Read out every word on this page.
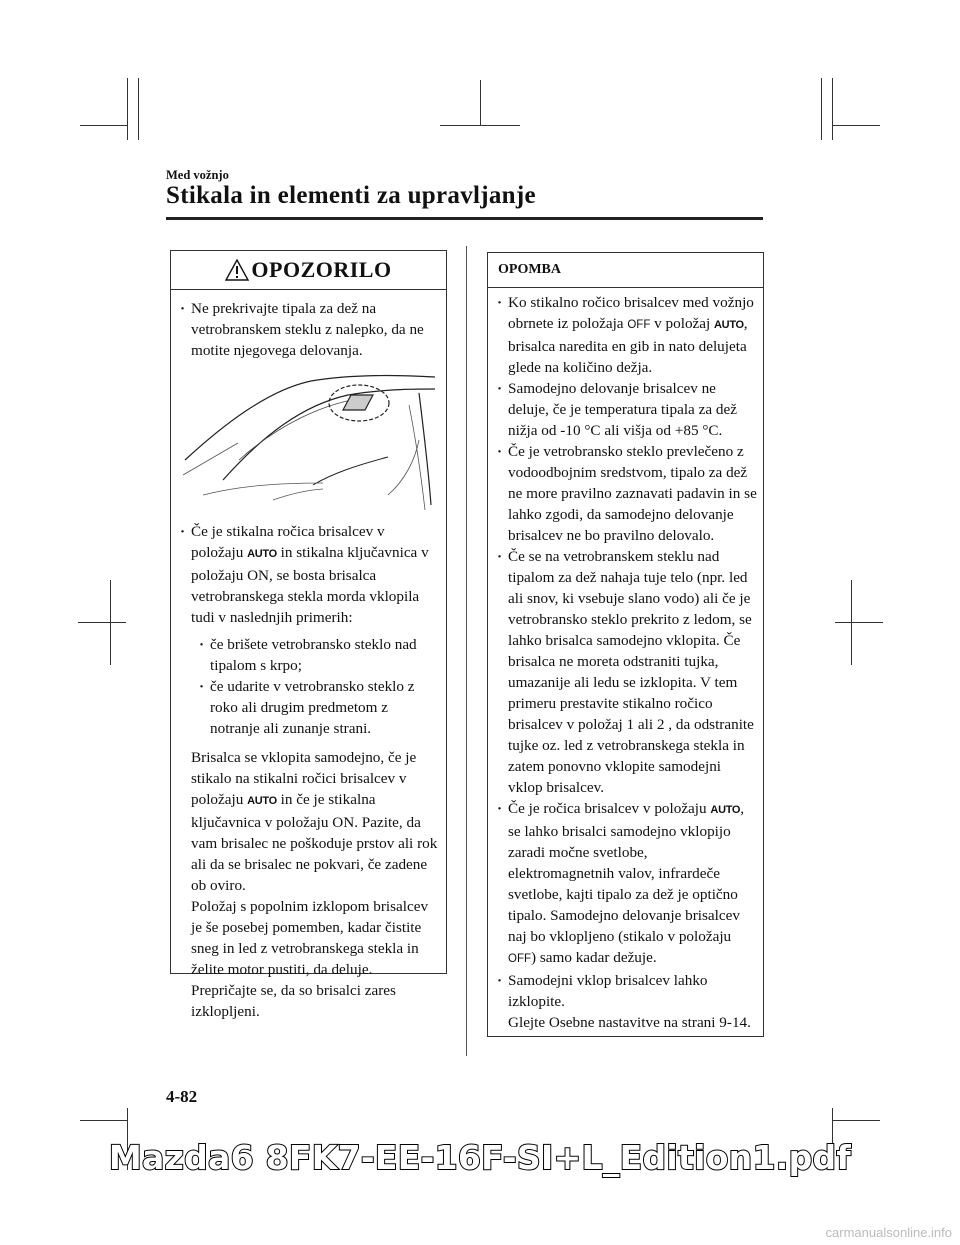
Med vožnjo
Stikala in elementi za upravljanje
OPOZORILO
· Ne prekrivajte tipala za dež na vetrobranskem steklu z nalepko, da ne motite njegovega delovanja.
· Če je stikalna ročica brisalcev v položaju AUTO in stikalna ključavnica v položaju ON, se bosta brisalca vetrobranskega stekla morda vklopila tudi v naslednjih primerih:
· če brišete vetrobransko steklo nad tipalom s krpo;
· če udarite v vetrobransko steklo z roko ali drugim predmetom z notranje ali zunanje strani.
Brisalca se vklopita samodejno, če je stikalo na stikalni ročici brisalcev v položaju AUTO in če je stikalna ključavnica v položaju ON. Pazite, da vam brisalec ne poškoduje prstov ali rok ali da se brisalec ne pokvari, če zadene ob oviro.
Položaj s popolnim izklopom brisalcev je še posebej pomemben, kadar čistite sneg in led z vetrobranskega stekla in želite motor pustiti, da deluje. Prepričajte se, da so brisalci zares izklopljeni.
OPOMBA
· Ko stikalno ročico brisalcev med vožnjo obrnete iz položaja OFF v položaj AUTO, brisalca naredita en gib in nato delujeta glede na količino dežja.
· Samodejno delovanje brisalcev ne deluje, če je temperatura tipala za dež nižja od -10 °C ali višja od +85 °C.
· Če je vetrobransko steklo prevlečeno z vodoodbojnim sredstvom, tipalo za dež ne more pravilno zaznavati padavin in se lahko zgodi, da samodejno delovanje brisalcev ne bo pravilno delovalo.
· Če se na vetrobranskem steklu nad tipalom za dež nahaja tuje telo (npr. led ali snov, ki vsebuje slano vodo) ali če je vetrobransko steklo prekrito z ledom, se lahko brisalca samodejno vklopita. Če brisalca ne moreta odstraniti tujka, umazanije ali ledu se izklopita. V tem primeru prestavite stikalno ročico brisalcev v položaj 1 ali 2 , da odstranite tujke oz. led z vetrobranskega stekla in zatem ponovno vklopite samodejni vklop brisalcev.
· Če je ročica brisalcev v položaju AUTO, se lahko brisalci samodejno vklopijo zaradi močne svetlobe, elektromagnetnih valov, infrardeče svetlobe, kajti tipalo za dež je optično tipalo. Samodejno delovanje brisalcev naj bo vklopljeno (stikalo v položaju OFF) samo kadar dežuje.
· Samodejni vklop brisalcev lahko izklopite.
Glejte Osebne nastavitve na strani 9-14.
4-82
Mazda6 8FK7-EE-16F-SI+L_Edition1.pdf
carmanualsonline.info
